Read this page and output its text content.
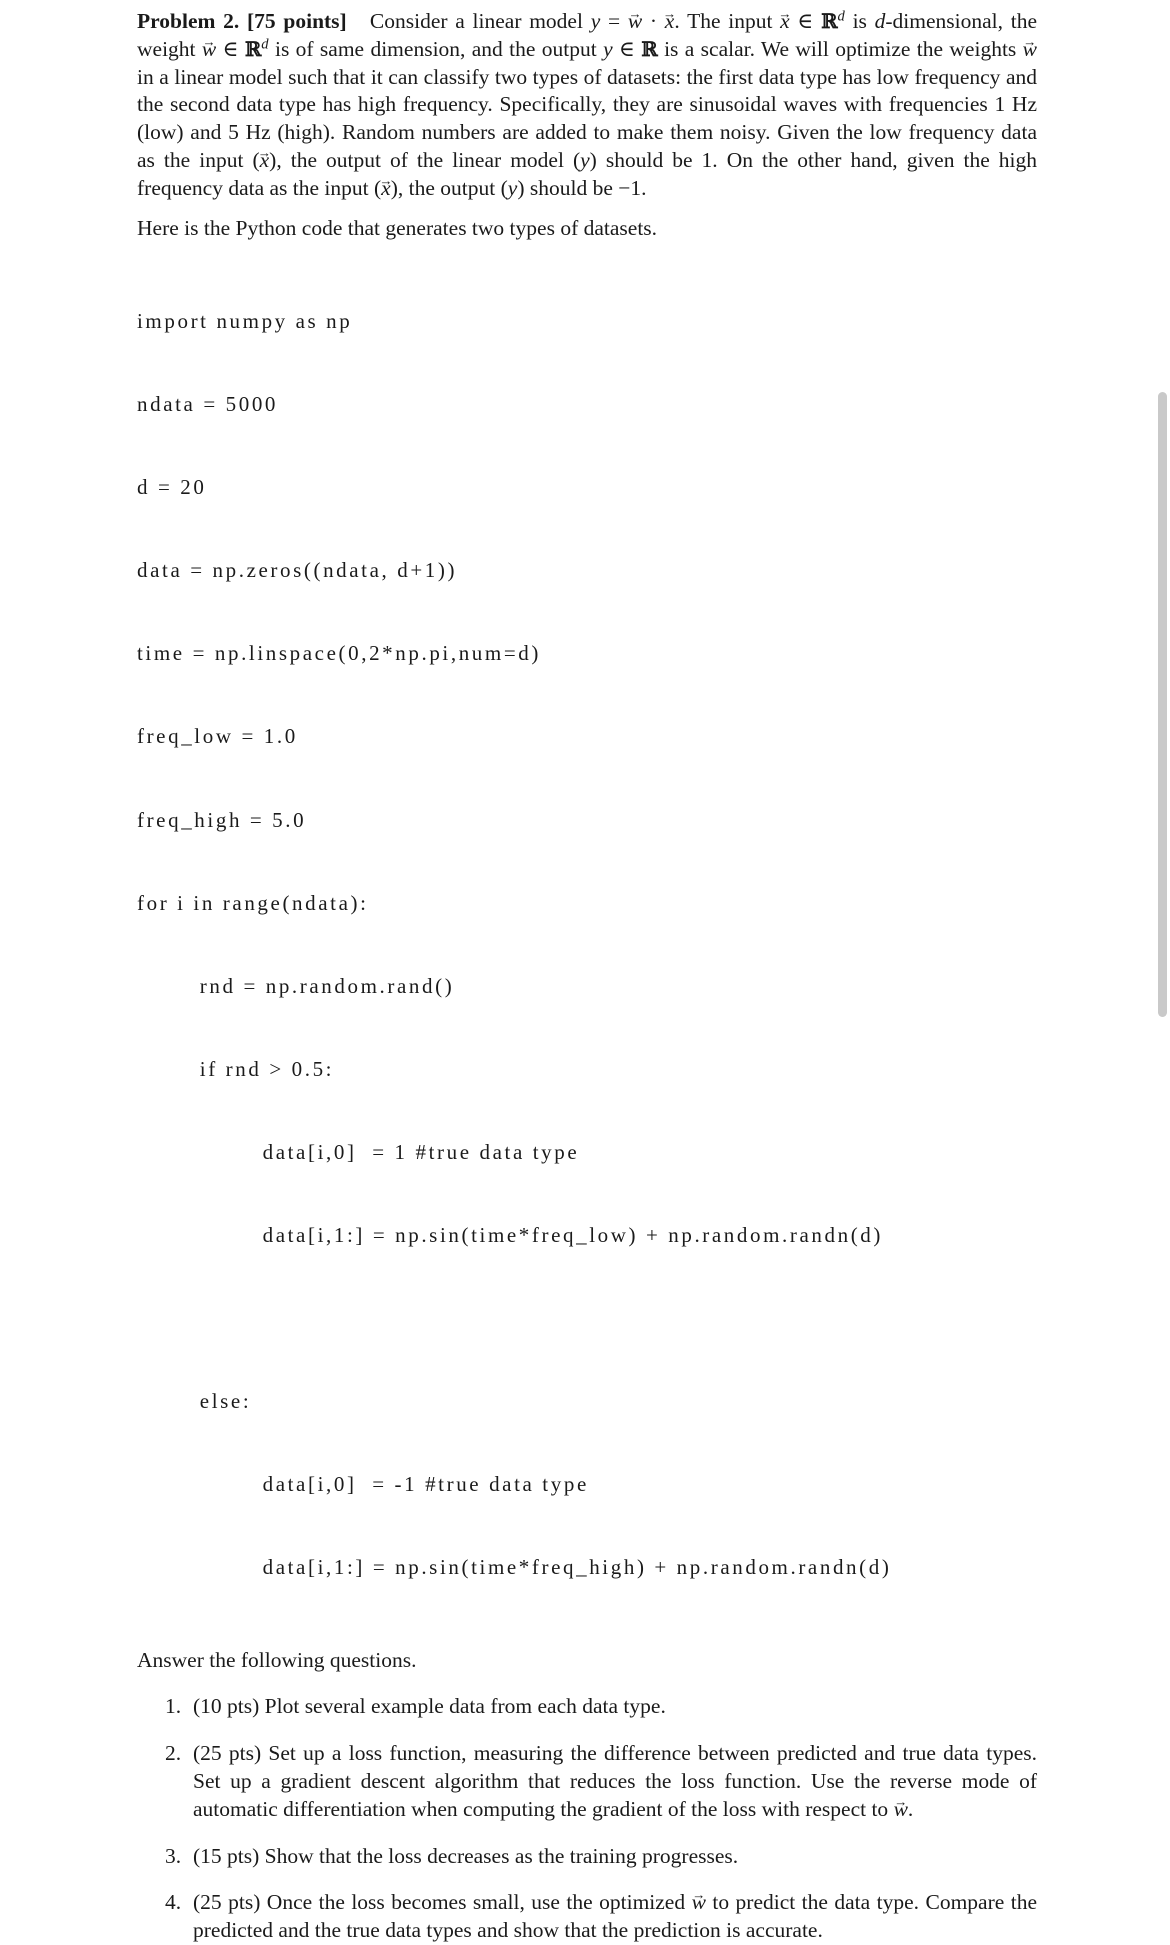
Problem 2. [75 points] Consider a linear model y = → w · → x. The input → x ∈ ℝ$^d$ is d-dimensional, the weight → w ∈ ℝ$^d$ is of same dimension, and the output y ∈ ℝ is a scalar. We will optimize the weights → w in a linear model such that it can classify two types of datasets: the first data type has low frequency and the second data type has high frequency. Specifically, they are sinusoidal waves with frequencies 1 Hz (low) and 5 Hz (high). Random numbers are added to make them noisy. Given the low frequency data as the input (→ x), the output of the linear model (y) should be 1. On the other hand, given the high frequency data as the input (→ x), the output (y) should be −1.

Here is the Python code that generates two types of datasets.

import numpy as np

ndata = 5000

d = 20

data = np.zeros((ndata, d+1))

time = np.linspace(0,2*np.pi,num=d)

freq_low = 1.0

freq_high = 5.0

for i in range(ndata):

rnd = np.random.rand()

if rnd > 0.5:

data[i,0]  = 1 #true data type

data[i,1:] = np.sin(time*freq_low) + np.random.randn(d)

else:

data[i,0]  = -1 #true data type

data[i,1:] = np.sin(time*freq_high) + np.random.randn(d)

Answer the following questions.

1. (10 pts) Plot several example data from each data type.
2. (25 pts) Set up a loss function, measuring the difference between predicted and true data types. Set up a gradient descent algorithm that reduces the loss function. Use the reverse mode of automatic differentiation when computing the gradient of the loss with respect to → w.
3. (15 pts) Show that the loss decreases as the training progresses.
4. (25 pts) Once the loss becomes small, use the optimized → w to predict the data type. Compare the predicted and the true data types and show that the prediction is accurate.
